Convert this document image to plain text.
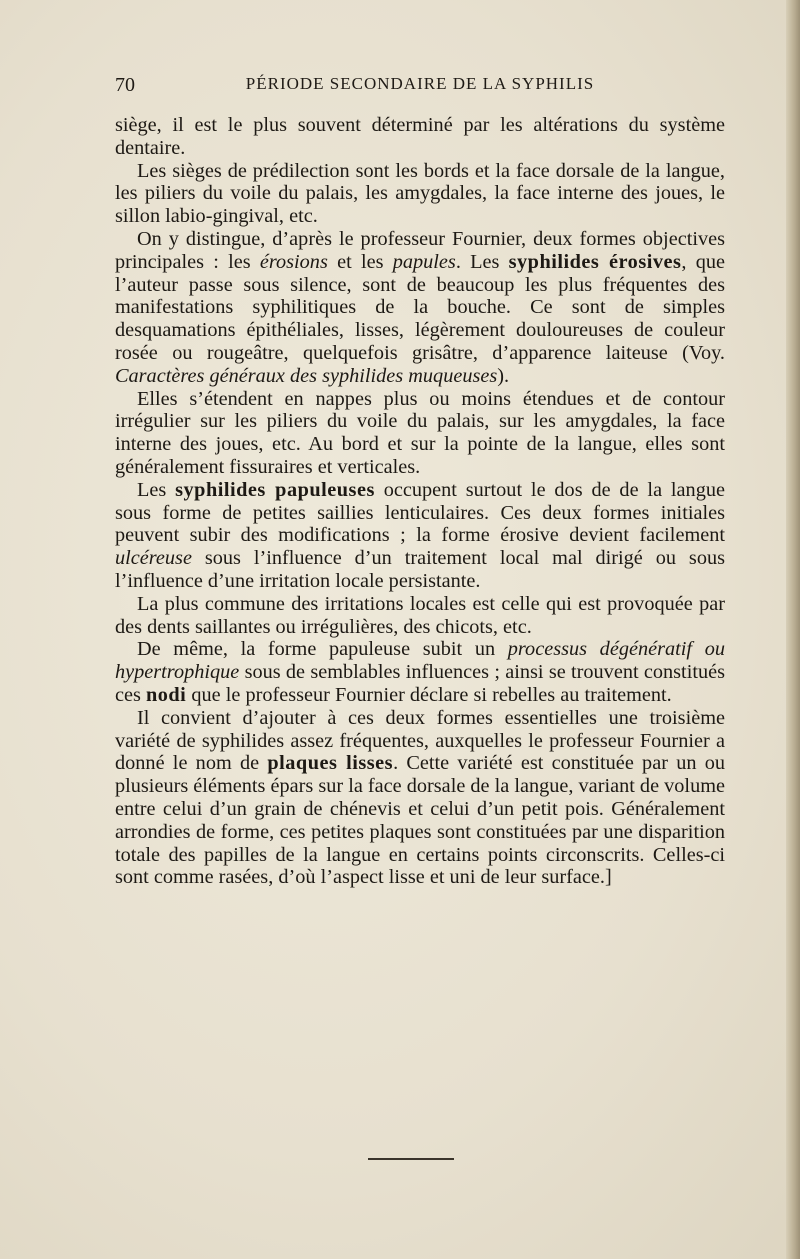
70	PÉRIODE SECONDAIRE DE LA SYPHILIS

siège, il est le plus souvent déterminé par les altérations du système dentaire.

Les sièges de prédilection sont les bords et la face dorsale de la langue, les piliers du voile du palais, les amygdales, la face interne des joues, le sillon labio-gingival, etc.

On y distingue, d’après le professeur Fournier, deux formes objectives principales : les érosions et les papules. Les syphilides érosives, que l’auteur passe sous silence, sont de beaucoup les plus fréquentes des manifestations syphilitiques de la bouche. Ce sont de simples desquamations épithéliales, lisses, légèrement douloureuses de couleur rosée ou rougeâtre, quelquefois grisâtre, d’apparence laiteuse (Voy. Caractères généraux des syphilides muqueuses).

Elles s’étendent en nappes plus ou moins étendues et de contour irrégulier sur les piliers du voile du palais, sur les amygdales, la face interne des joues, etc. Au bord et sur la pointe de la langue, elles sont généralement fissuraires et verticales.

Les syphilides papuleuses occupent surtout le dos de de la langue sous forme de petites saillies lenticulaires. Ces deux formes initiales peuvent subir des modifications ; la forme érosive devient facilement ulcéreuse sous l’influence d’un traitement local mal dirigé ou sous l’influence d’une irritation locale persistante.

La plus commune des irritations locales est celle qui est provoquée par des dents saillantes ou irrégulières, des chicots, etc.

De même, la forme papuleuse subit un processus dégénératif ou hypertrophique sous de semblables influences ; ainsi se trouvent constitués ces nodi que le professeur Fournier déclare si rebelles au traitement.

Il convient d’ajouter à ces deux formes essentielles une troisième variété de syphilides assez fréquentes, auxquelles le professeur Fournier a donné le nom de plaques lisses. Cette variété est constituée par un ou plusieurs éléments épars sur la face dorsale de la langue, variant de volume entre celui d’un grain de chénevis et celui d’un petit pois. Généralement arrondies de forme, ces petites plaques sont constituées par une disparition totale des papilles de la langue en certains points circonscrits. Celles-ci sont comme rasées, d’où l’aspect lisse et uni de leur surface.]
